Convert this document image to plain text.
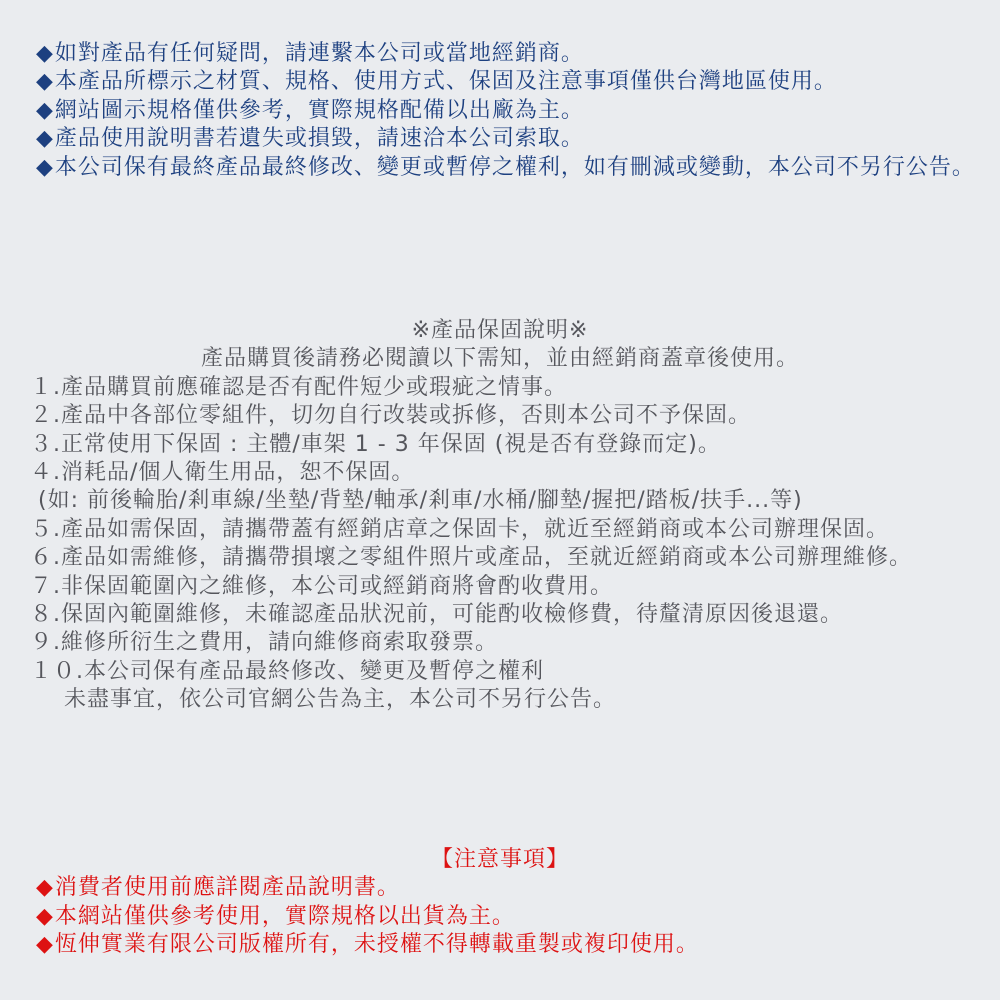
◆如對產品有任何疑問，請連繫本公司或當地經銷商。
◆本產品所標示之材質、規格、使用方式、保固及注意事項僅供台灣地區使用。
◆網站圖示規格僅供參考，實際規格配備以出廠為主。
◆產品使用說明書若遺失或損毀，請速洽本公司索取。
◆本公司保有最終產品最終修改、變更或暫停之權利，如有刪減或變動，本公司不另行公告。
※產品保固說明※
產品購買後請務必閱讀以下需知，並由經銷商蓋章後使用。
１.產品購買前應確認是否有配件短少或瑕疵之情事。
２.產品中各部位零組件，切勿自行改裝或拆修，否則本公司不予保固。
３.正常使用下保固 : 主體/車架 1 - 3 年保固 (視是否有登錄而定)。
４.消耗品/個人衛生用品，恕不保固。
(如: 前後輪胎/剎車線/坐墊/背墊/軸承/剎車/水桶/腳墊/握把/踏板/扶手...等)
５.產品如需保固，請攜帶蓋有經銷店章之保固卡，就近至經銷商或本公司辦理保固。
６.產品如需維修，請攜帶損壞之零組件照片或產品，至就近經銷商或本公司辦理維修。
７.非保固範圍內之維修，本公司或經銷商將會酌收費用。
８.保固內範圍維修，未確認產品狀況前，可能酌收檢修費，待釐清原因後退還。
９.維修所衍生之費用，請向維修商索取發票。
１０.本公司保有產品最終修改、變更及暫停之權利
未盡事宜，依公司官網公告為主，本公司不另行公告。
【注意事項】
◆消費者使用前應詳閱產品說明書。
◆本網站僅供參考使用，實際規格以出貨為主。
◆恆伸實業有限公司版權所有，未授權不得轉載重製或複印使用。
